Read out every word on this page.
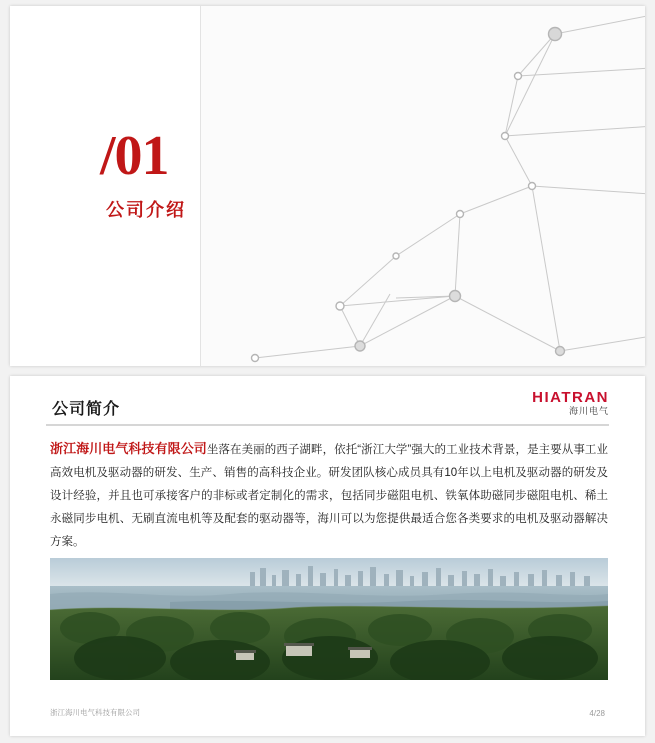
/01
公司介绍
公司简介
HIATRAN
海川电气
浙江海川电气科技有限公司坐落在美丽的西子湖畔，依托“浙江大学”强大的工业技术背景，是主要从事工业高效电机及驱动器的研发、生产、销售的高科技企业。研发团队核心成员具有10年以上电机及驱动器的研发及设计经验，并且也可承接客户的非标或者定制化的需求，包括同步磁阻电机、铁氧体助磁同步磁阻电机、稀土永磁同步电机、无刷直流电机等及配套的驱动器等，海川可以为您提供最适合您各类要求的电机及驱动器解决方案。
浙江海川电气科技有限公司	4/28
